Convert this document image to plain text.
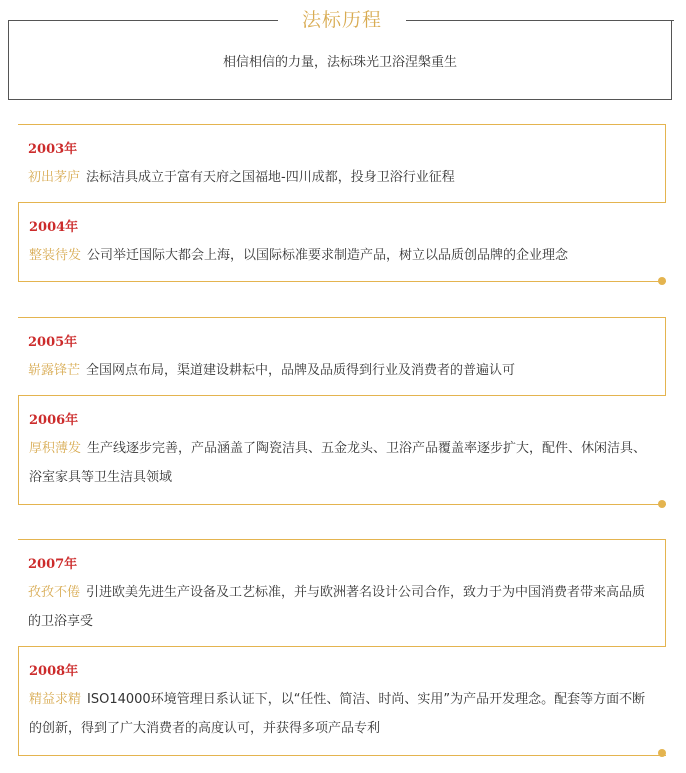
法标历程

相信相信的力量，法标珠光卫浴涅槃重生

2003年

初出茅庐 法标洁具成立于富有天府之国福地-四川成都，投身卫浴行业征程

2004年

整装待发 公司举迁国际大都会上海，以国际标准要求制造产品，树立以品质创品牌的企业理念

2005年

崭露锋芒 全国网点布局，渠道建设耕耘中，品牌及品质得到行业及消费者的普遍认可

2006年

厚积薄发 生产线逐步完善，产品涵盖了陶瓷洁具、五金龙头、卫浴产品覆盖率逐步扩大，配件、休闲洁具、浴室家具等卫生洁具领域

2007年

孜孜不倦 引进欧美先进生产设备及工艺标准，并与欧洲著名设计公司合作，致力于为中国消费者带来高品质的卫浴享受

2008年

精益求精 ISO14000环境管理日系认证下，以“任性、简洁、时尚、实用”为产品开发理念。配套等方面不断的创新，得到了广大消费者的高度认可，并获得多项产品专利
